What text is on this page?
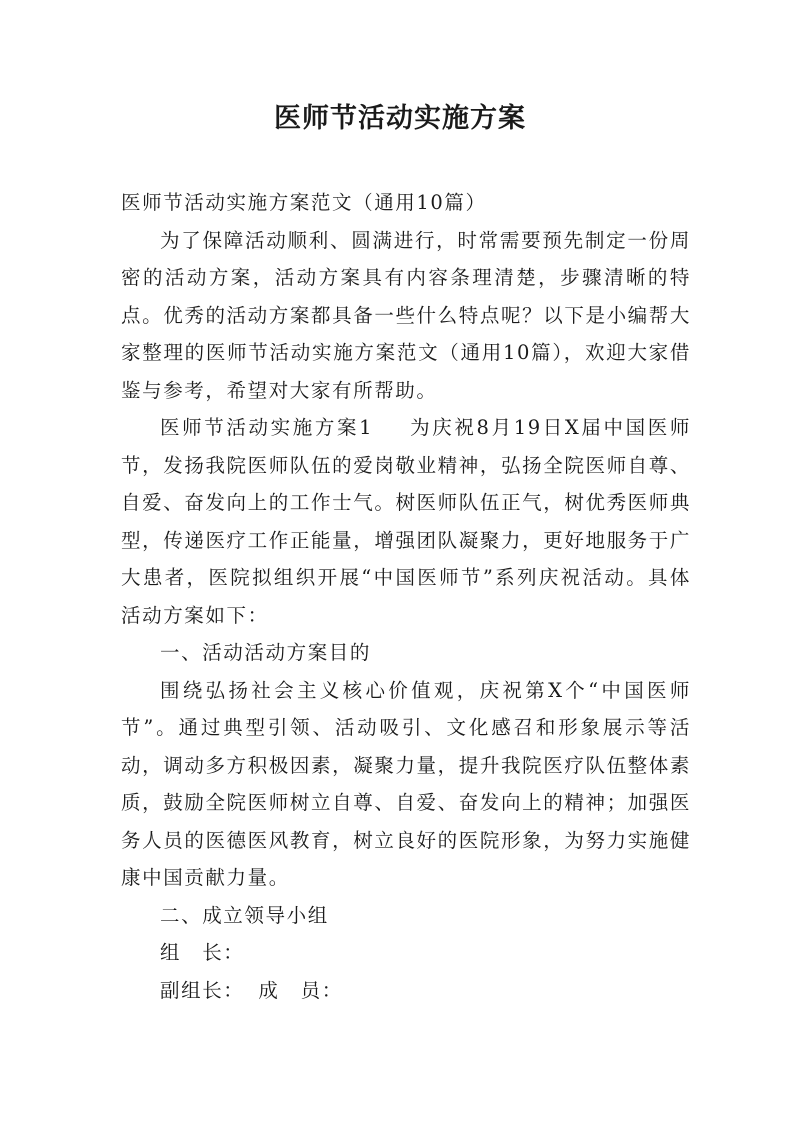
医师节活动实施方案

医师节活动实施方案范文（通用10篇）

为了保障活动顺利、圆满进行，时常需要预先制定一份周密的活动方案，活动方案具有内容条理清楚，步骤清晰的特点。优秀的活动方案都具备一些什么特点呢？以下是小编帮大家整理的医师节活动实施方案范文（通用10篇），欢迎大家借鉴与参考，希望对大家有所帮助。

医师节活动实施方案1 为庆祝8月19日X届中国医师节，发扬我院医师队伍的爱岗敬业精神，弘扬全院医师自尊、自爱、奋发向上的工作士气。树医师队伍正气，树优秀医师典型，传递医疗工作正能量，增强团队凝聚力，更好地服务于广大患者，医院拟组织开展“中国医师节”系列庆祝活动。具体活动方案如下：

一、活动活动方案目的

围绕弘扬社会主义核心价值观，庆祝第X个“中国医师节”。通过典型引领、活动吸引、文化感召和形象展示等活动，调动多方积极因素，凝聚力量，提升我院医疗队伍整体素质，鼓励全院医师树立自尊、自爱、奋发向上的精神；加强医务人员的医德医风教育，树立良好的医院形象，为努力实施健康中国贡献力量。

二、成立领导小组

组　长：

副组长： 成　员：
